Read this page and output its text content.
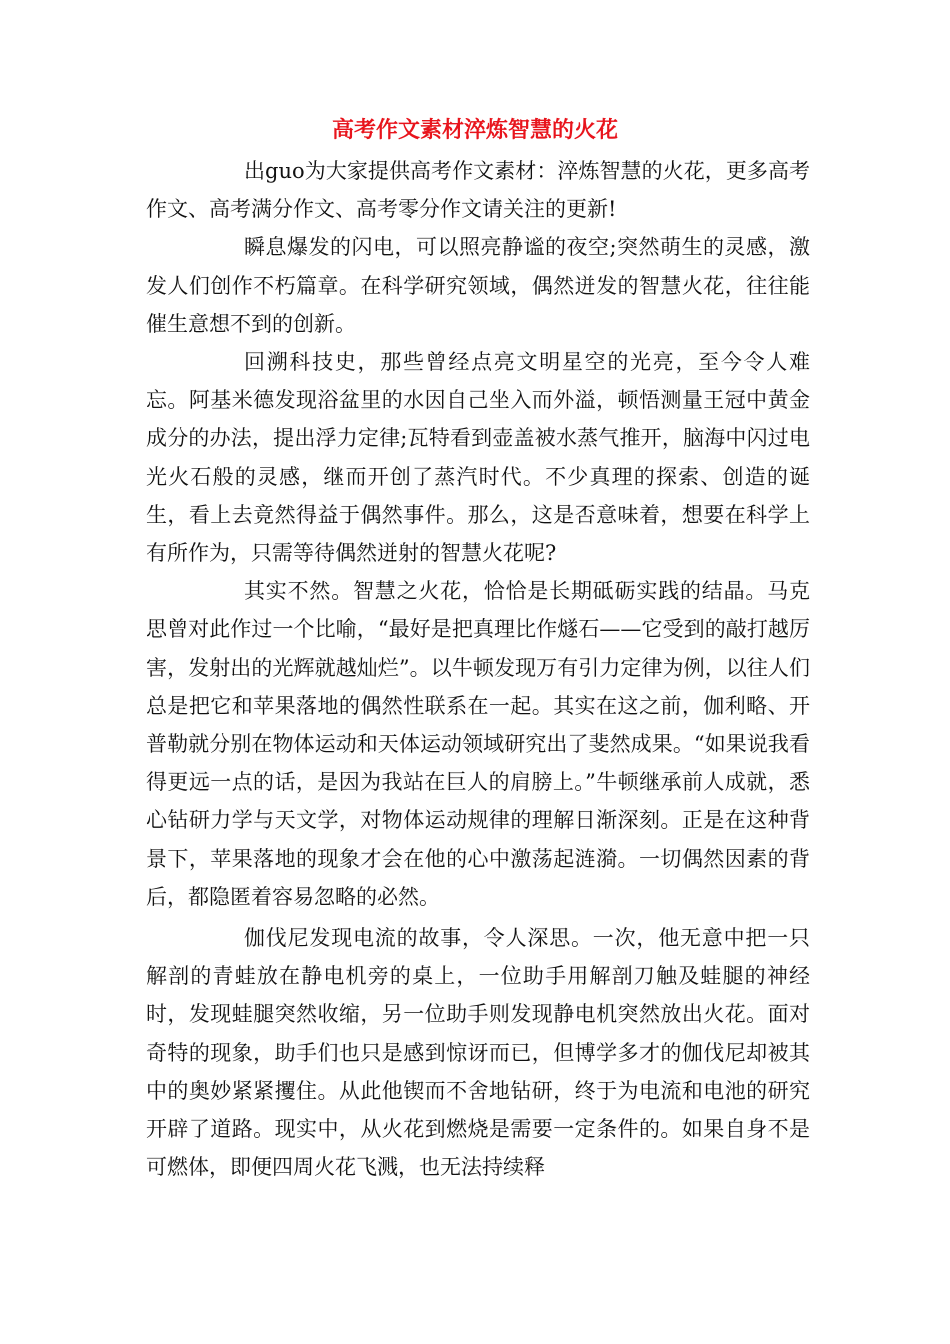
高考作文素材淬炼智慧的火花

出guo为大家提供高考作文素材：淬炼智慧的火花，更多高考作文、高考满分作文、高考零分作文请关注的更新!

瞬息爆发的闪电，可以照亮静谧的夜空;突然萌生的灵感，激发人们创作不朽篇章。在科学研究领域，偶然迸发的智慧火花，往往能催生意想不到的创新。

回溯科技史，那些曾经点亮文明星空的光亮，至今令人难忘。阿基米德发现浴盆里的水因自己坐入而外溢，顿悟测量王冠中黄金成分的办法，提出浮力定律;瓦特看到壶盖被水蒸气推开，脑海中闪过电光火石般的灵感，继而开创了蒸汽时代。不少真理的探索、创造的诞生，看上去竟然得益于偶然事件。那么，这是否意味着，想要在科学上有所作为，只需等待偶然迸射的智慧火花呢?

其实不然。智慧之火花，恰恰是长期砥砺实践的结晶。马克思曾对此作过一个比喻，“最好是把真理比作燧石——它受到的敲打越厉害，发射出的光辉就越灿烂”。以牛顿发现万有引力定律为例，以往人们总是把它和苹果落地的偶然性联系在一起。其实在这之前，伽利略、开普勒就分别在物体运动和天体运动领域研究出了斐然成果。“如果说我看得更远一点的话，是因为我站在巨人的肩膀上。”牛顿继承前人成就，悉心钻研力学与天文学，对物体运动规律的理解日渐深刻。正是在这种背景下，苹果落地的现象才会在他的心中激荡起涟漪。一切偶然因素的背后，都隐匿着容易忽略的必然。

伽伐尼发现电流的故事，令人深思。一次，他无意中把一只解剖的青蛙放在静电机旁的桌上，一位助手用解剖刀触及蛙腿的神经时，发现蛙腿突然收缩，另一位助手则发现静电机突然放出火花。面对奇特的现象，助手们也只是感到惊讶而已，但博学多才的伽伐尼却被其中的奥妙紧紧攫住。从此他锲而不舍地钻研，终于为电流和电池的研究开辟了道路。现实中，从火花到燃烧是需要一定条件的。如果自身不是可燃体，即便四周火花飞溅，也无法持续释
